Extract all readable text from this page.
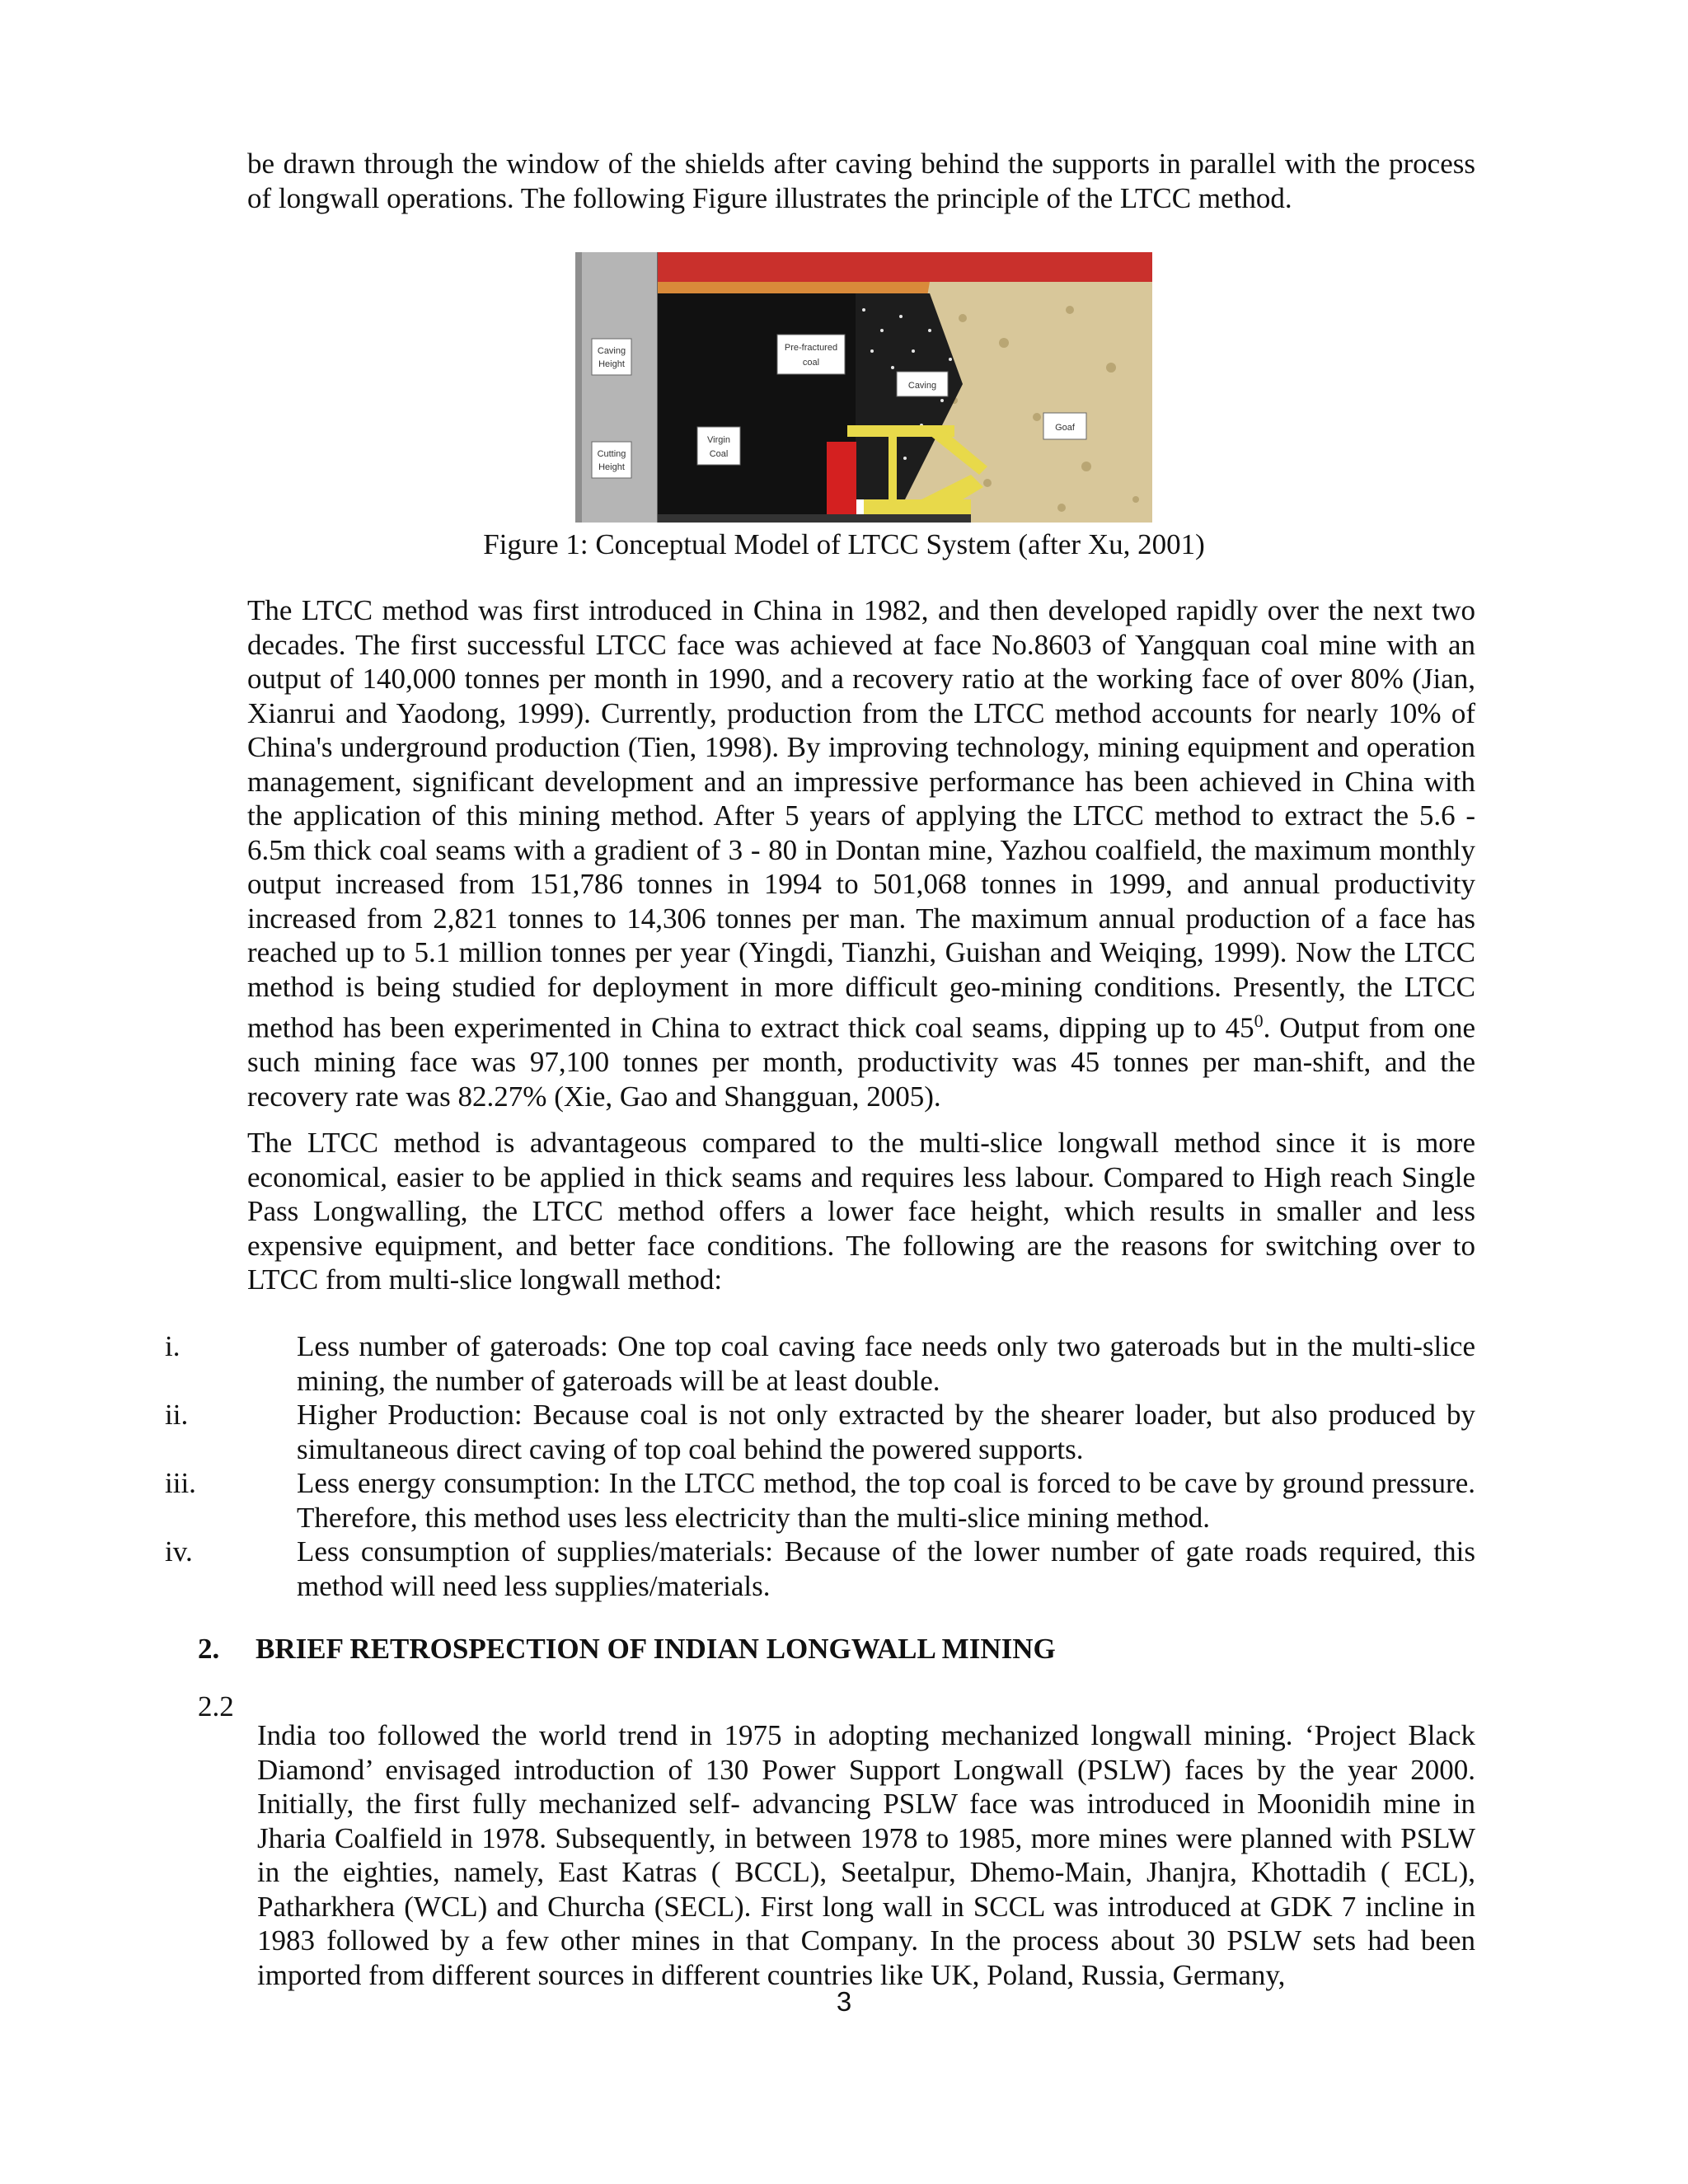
be drawn through the window of the shields after caving behind the supports in parallel with the process of longwall operations. The following Figure illustrates the principle of the LTCC method.

Caving
Height
Cutting
Height
Pre-fractured
coal
Caving
Virgin
Coal
Goaf

Figure 1: Conceptual Model of LTCC System (after Xu, 2001)

The LTCC method was first introduced in China in 1982, and then developed rapidly over the next two decades. The first successful LTCC face was achieved at face No.8603 of Yangquan coal mine with an output of 140,000 tonnes per month in 1990, and a recovery ratio at the working face of over 80% (Jian, Xianrui and Yaodong, 1999). Currently, production from the LTCC method accounts for nearly 10% of China's underground production (Tien, 1998). By improving technology, mining equipment and operation management, significant development and an impressive performance has been achieved in China with the application of this mining method. After 5 years of applying the LTCC method to extract the 5.6 - 6.5m thick coal seams with a gradient of 3 - 80 in Dontan mine, Yazhou coalfield, the maximum monthly output increased from 151,786 tonnes in 1994 to 501,068 tonnes in 1999, and annual productivity increased from 2,821 tonnes to 14,306 tonnes per man. The maximum annual production of a face has reached up to 5.1 million tonnes per year (Yingdi, Tianzhi, Guishan and Weiqing, 1999). Now the LTCC method is being studied for deployment in more difficult geo-mining conditions. Presently, the LTCC method has been experimented in China to extract thick coal seams, dipping up to $45^0$. Output from one such mining face was 97,100 tonnes per month, productivity was 45 tonnes per man-shift, and the recovery rate was 82.27% (Xie, Gao and Shangguan, 2005).

The LTCC method is advantageous compared to the multi-slice longwall method since it is more economical, easier to be applied in thick seams and requires less labour. Compared to High reach Single Pass Longwalling, the LTCC method offers a lower face height, which results in smaller and less expensive equipment, and better face conditions. The following are the reasons for switching over to LTCC from multi-slice longwall method:

i.	Less number of gateroads: One top coal caving face needs only two gateroads but in the multi-slice mining, the number of gateroads will be at least double.
ii.	Higher Production: Because coal is not only extracted by the shearer loader, but also produced by simultaneous direct caving of top coal behind the powered supports.
iii.	Less energy consumption: In the LTCC method, the top coal is forced to be cave by ground pressure. Therefore, this method uses less electricity than the multi-slice mining method.
iv.	Less consumption of supplies/materials: Because of the lower number of gate roads required, this method will need less supplies/materials.
2. BRIEF RETROSPECTION OF INDIAN LONGWALL MINING
2.2

India too followed the world trend in 1975 in adopting mechanized longwall mining. ‘Project Black Diamond’ envisaged introduction of 130 Power Support Longwall (PSLW) faces by the year 2000. Initially, the first fully mechanized self- advancing PSLW face was introduced in Moonidih mine in Jharia Coalfield in 1978. Subsequently, in between 1978 to 1985, more mines were planned with PSLW in the eighties, namely, East Katras ( BCCL), Seetalpur, Dhemo-Main, Jhanjra, Khottadih ( ECL), Patharkhera (WCL) and Churcha (SECL). First long wall in SCCL was introduced at GDK 7 incline in 1983 followed by a few other mines in that Company. In the process about 30 PSLW sets had been imported from different sources in different countries like UK, Poland, Russia, Germany,

3
